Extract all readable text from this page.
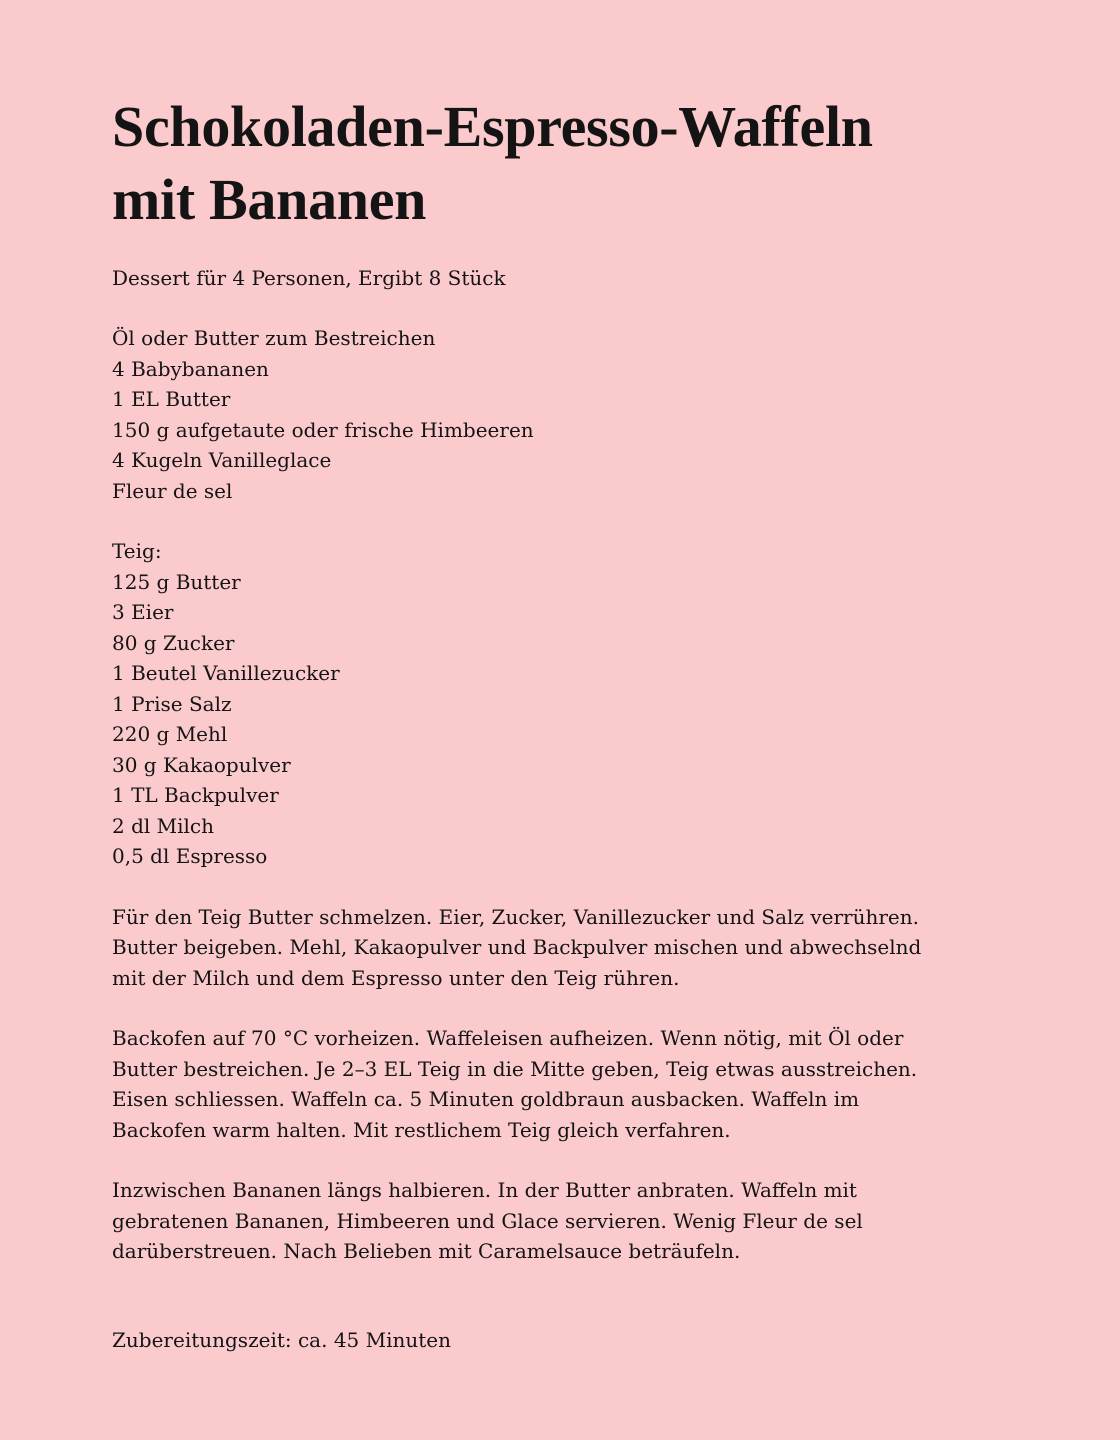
Schokoladen-Espresso-Waffeln
mit Bananen

Dessert für 4 Personen, Ergibt 8 Stück

Öl oder Butter zum Bestreichen
4 Babybananen
1 EL Butter
150 g aufgetaute oder frische Himbeeren
4 Kugeln Vanilleglace
Fleur de sel
Teig:
125 g Butter
3 Eier
80 g Zucker
1 Beutel Vanillezucker
1 Prise Salz
220 g Mehl
30 g Kakaopulver
1 TL Backpulver
2 dl Milch
0,5 dl Espresso

Für den Teig Butter schmelzen. Eier, Zucker, Vanillezucker und Salz verrühren. Butter beigeben. Mehl, Kakaopulver und Backpulver mischen und abwechselnd mit der Milch und dem Espresso unter den Teig rühren.

Backofen auf 70 °C vorheizen. Waffeleisen aufheizen. Wenn nötig, mit Öl oder Butter bestreichen. Je 2–3 EL Teig in die Mitte geben, Teig etwas ausstreichen. Eisen schliessen. Waffeln ca. 5 Minuten goldbraun ausbacken. Waffeln im Backofen warm halten. Mit restlichem Teig gleich verfahren.

Inzwischen Bananen längs halbieren. In der Butter anbraten. Waffeln mit gebratenen Bananen, Himbeeren und Glace servieren. Wenig Fleur de sel darüberstreuen. Nach Belieben mit Caramelsauce beträufeln.

Zubereitungszeit: ca. 45 Minuten
